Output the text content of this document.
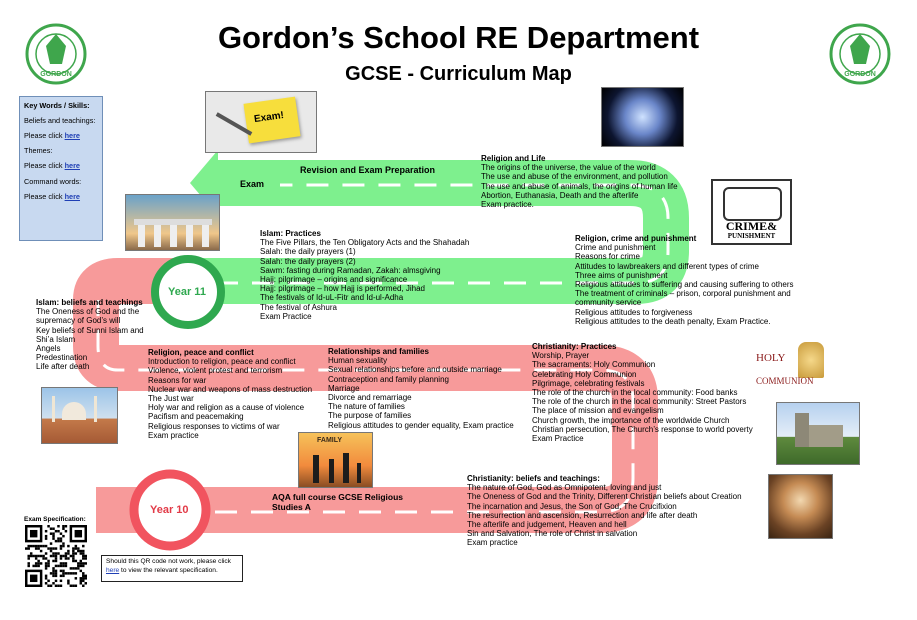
GORDON	GORDON
Gordon’s School RE Department
GCSE - Curriculum Map

Key Words / Skills:

Beliefs and teachings:

Please click here

Themes:

Please click here

Command words:

Please click here

Exam!
CRIME&
PUNISHMENT
HOLY
COMMUNION
FAMILY
Exam
Revision and Exam Preparation
Year 11
Year 10
AQA full course GCSE Religious
Studies A
Religion and Life
The origins of the universe, the value of the world
The use and abuse of the environment, and pollution
The use and abuse of animals, the origins of human life
Abortion, Euthanasia, Death and the afterlife
Exam practice.
Religion, crime and punishment
Crime and punishment
Reasons for crime
Attitudes to lawbreakers and different types of crime
Three aims of punishment
Religious attitudes to suffering and causing suffering to others
The treatment of criminals – prison, corporal punishment and
community service
Religious attitudes to forgiveness
Religious attitudes to the death penalty, Exam Practice.
Islam: Practices
The Five Pillars, the Ten Obligatory Acts and the Shahadah
Salah: the daily prayers (1)
Salah: the daily prayers (2)
Sawm: fasting during Ramadan, Zakah: almsgiving
Hajj: pilgrimage – origins and significance
Hajj: pilgrimage – how Hajj is performed, Jihad
The festivals of Id-uL-Fitr and Id-ul-Adha
The festival of Ashura
Exam Practice
Islam: beliefs and teachings
The Oneness of God and the
supremacy of God’s will
Key beliefs of Sunni Islam and
Shi’a Islam
Angels
Predestination
Life after death
Religion, peace and conflict
Introduction to religion, peace and conflict
Violence, violent protest and terrorism
Reasons for war
Nuclear war and weapons of mass destruction
The Just war
Holy war and religion as a cause of violence
Pacifism and peacemaking
Religious responses to victims of war
Exam practice
Relationships and families
Human sexuality
Sexual relationships before and outside marriage
Contraception and family planning
Marriage
Divorce and remarriage
The nature of families
The purpose of families
Religious attitudes to gender equality, Exam practice
Christianity: Practices
Worship, Prayer
The sacraments: Holy Communion
Celebrating Holy Communion
Pilgrimage, celebrating festivals
The role of the church in the local community: Food banks
The role of the church in the local community: Street Pastors
The place of mission and evangelism
Church growth, the importance of the worldwide Church
Christian persecution, The Church’s response to world poverty
Exam Practice
Christianity: beliefs and teachings:
The nature of God, God as Omnipotent, loving and just
The Oneness of God and the Trinity, Different Christian beliefs about Creation
The incarnation and Jesus, the Son of God, The Crucifixion
The resurrection and ascension, Resurrection and life after death
The afterlife and judgement, Heaven and hell
Sin and Salvation, The role of Christ in salvation
Exam practice
Exam Specification:
Should this QR code not work, please click
here to view the relevant specification.
